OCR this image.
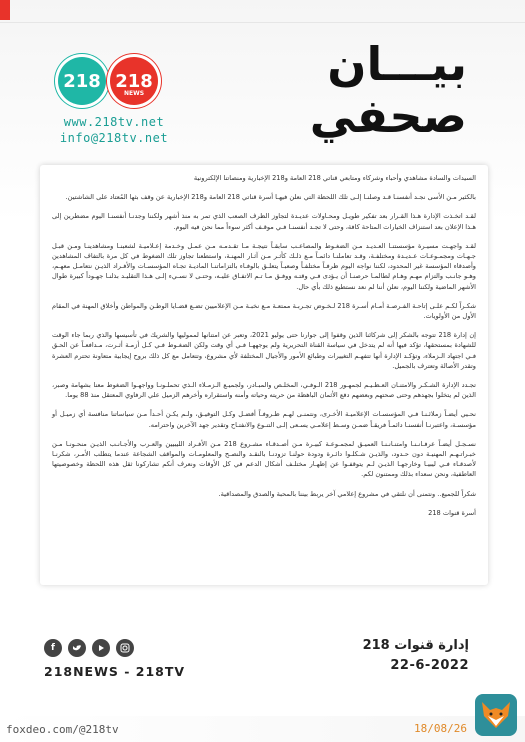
218 218
NEWS
www.218tv.net
info@218tv.net
بيـــان
صحفي

السيدات والسادة مشاهدي وأحباء وشركاء ومتابعي قناتي 218 العامة و218 الإخبارية ومنصاتنا الإلكترونية

بالكثير مـن الأسى نجـد أنفسنـا قـد وصلنـا إلـى تلك اللحظة التي نعلن فيهـا أسرة قناتي 218 العامة و218 الإخبارية عن وقف بثها المُعتاد على الشاشتين.

لقـد اتخـذت الإدارة هـذا القـرار بعد تفكير طويـل ومحـاولات عديـدة لتجاوز الظرف الصعب الذي تمر به منذ أشهر ولكننا وجدنـا أنفسنـا اليوم مضطرين إلى هـذا الإعلان بعد استنزاف الخيارات المتاحة كافة، وحتى لا تجـد أنفسنـا فـي موقـف أكثر سوءاً مما نحن فيه اليوم.

لقـد واجهـت مسيـرة مؤسستنـا العـديـد مـن الضغـوط والمصاعـب سابقـاً نتيجـة مـا تقـدمـه مـن عمـل وخـدمة إعـلاميـة لشعبنـا ومشاهدينـا ومـن قبـل جـهـات ومجمـوعـات عـديـدة ومختلفـة، وقـد تعاملنـا دائمـاً مـع ذلـك كأثـر مـن آثـار المهنـة، واستطعنا تجاوز تلك الضغوط في كل مرة بالتفاف المشاهدين وأصدقاء المؤسسة غير المحدود، لكننا نواجه اليوم ظرفـاً مختلفـاً وصعبـاً يتعلـق بالوفـاء بالتزاماتنـا الماديـة تجـاه المؤسسـات والأفـراد الذيـن نتعامـل معهـم، وهـو جانـب والتزام مهـم وهـام لطالمـا حرصنـا أن يـؤدى فـي وقتـه ووفـق مـا تـم الاتفـاق عليـه، وحتـى لا نسـيء إلـى هـذا التقليـد بذلنـا جهـوداً كبيرة طوال الأشهر الماضية ولكننا اليوم، نعلن أننا لم نعد نستطيع ذلك بأي حال.

شكـراً لكـم علـى إتاحـة الفـرصـة أمـام أسـرة 218 لـخـوض تجـربـة ممتعـة مـع نخبـة مـن الإعلاميين تضـع قضـايا الوطـن والمواطن وأخلاق المهنة في المقام الأول من الأولويات.

إن إدارة 218 تتوجه بالشكر إلى شركائنا الذين وقفوا إلى جوارنا حتى يوليو 2021، وتعبر عن امتنانها لمموليها والشريك في تأسيسها والذي ربما جاء الوقت للشهادة بمستحقها، تؤكد فيها أنه لم يتدخل في سياسة القناة التحريرية ولم يوجههـا فـي أي وقت ولكن الضغـوط فـي كـل أزمـة أثـرت، مـدافعـاً عن الحـق فـي اجتهاد الـزملاء، وتؤكـد الإدارة أنها تتفهـم التغييرات وطبائع الأمور والأجيال المختلفة لأي مشروع، وتتعامل مع كل ذلك بروح إيجابية متعاونة تحترم العشرة وتقدر الأصالة وتعترف بالجميل.

تجـدد الإدارة الشـكـر والامتنـان العـظـيـم لجمهـور 218 الـوفـي، المخلـص والمبـادر، ولجميـع الـزمـلاء الـذي تحملـونـا وواجهـوا الضغوط معنا بشهامة وصبر، الذين لم يتخلوا بجهدهم وحتى صحتهم وبعضهم دفع الأثمان الباهظة من حريته وحياته وأمنه واستقراره وأخرهم الزميل علي الرفاوي المعتقل منذ 88 يوما.

نحـيي أيضـاً زملائـنـا فـي المؤسسـات الإعلاميـة الأخـرى، ونتمنـى لهـم ظـروفـاً أفضـل وكـل التوفيـق، ولـم يكـن أحـداً مـن سياساتنا منافسة أي زميـل أو مؤسسـة، واعتبرنـا أنفسنـا دائمـاً فريقـاً ضمـن وسـط إعلامـي يسـعى إلـى التنـوع والانفتـاح وتقدير جهد الآخرين واحترامه.

نسـجـل أيضـاً عرفـانـنـا وامتنـانـنـا العميـق لمجمـوعـة كبيـرة مـن أصـدقـاء مشـروع 218 مـن الأفـراد الليبيين والعـرب والأجـانـب الذيـن منحـونـا مـن خبـراتـهـم المهنيـة دون حـدود، والذيـن شـكلـوا دائـرة ودودة حولنـا تزودنـا بالنقـد والنصـح والمعلومـات والمواقف الشجاعة عندما يتطلب الأمـر، شكرنـا لأصدقـاء فـي ليبيـا وخارجهـا الذيـن لـم يتوقفـوا عن إظهـار مختلـف أشكال الدعم في كل الأوقات ونعرف أنكم تشاركونا ثقل هذه اللحظة وخصوصيتها العاطفية، ونحن سعداء بذلك وممتنون لكم.

شكراً للجميع.. ونتمنى أن نلتقي في مشروع إعلامي آخر يربط بيننا بالمحبة والصدق والمصداقية.

أسرة قنوات 218

f
218NEWS - 218TV
إدارة قنوات 218
22-6-2022
foxdeo.com/@218tv	18/08/26
